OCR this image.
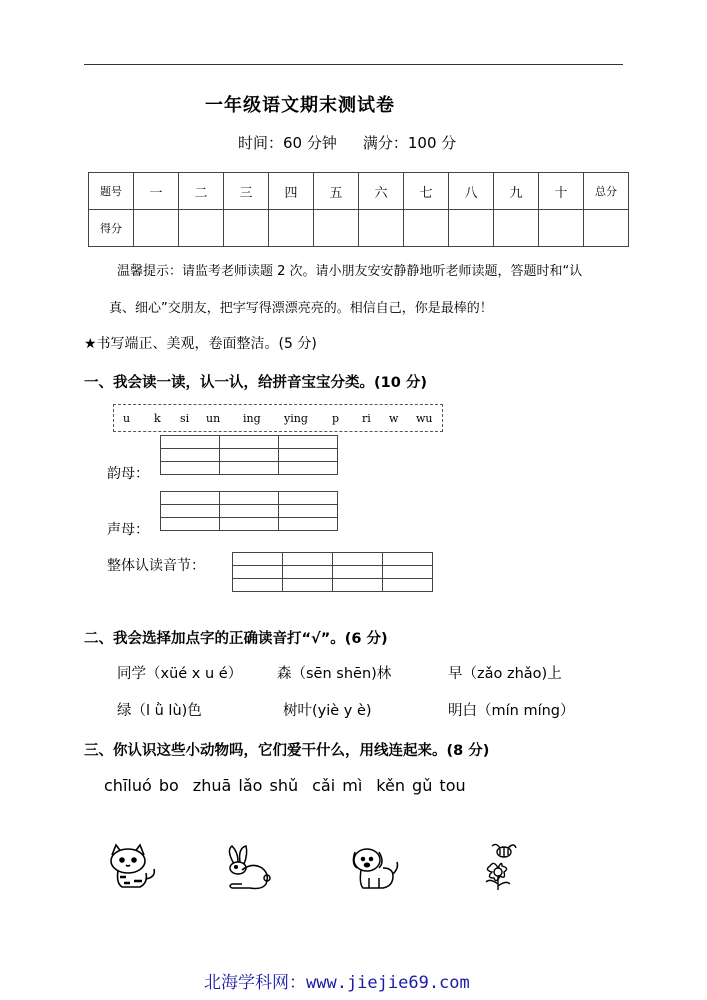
一年级语文期末测试卷
时间：60 分钟 满分：100 分
题号	一	二	三	四	五	六	七	八	九	十	总分
得分											
温馨提示：请监考老师读题 2 次。请小朋友安安静静地听老师读题，答题时和“认
真、细心”交朋友，把字写得漂漂亮亮的。相信自己，你是最棒的！
★书写端正、美观，卷面整洁。(5 分)
一、我会读一读，认一认，给拼音宝宝分类。(10 分)
u k si un ing ying p ri w wu

韵母：

声母：
整体认读音节：

二、我会选择加点字的正确读音打“√”。(6 分)
同学（xüé x u é） 森（sēn shēn)林	早（zǎo zhǎo)上
绿（l ǜ lù)色	树叶(yiè y è)	明白（mín míng）
三、你认识这些小动物吗，它们爱干什么，用线连起来。(8 分)
chīluó bo zhuā lǎo shǔ cǎi mì kěn gǔ tou
北海学科网：www.jiejie69.com
